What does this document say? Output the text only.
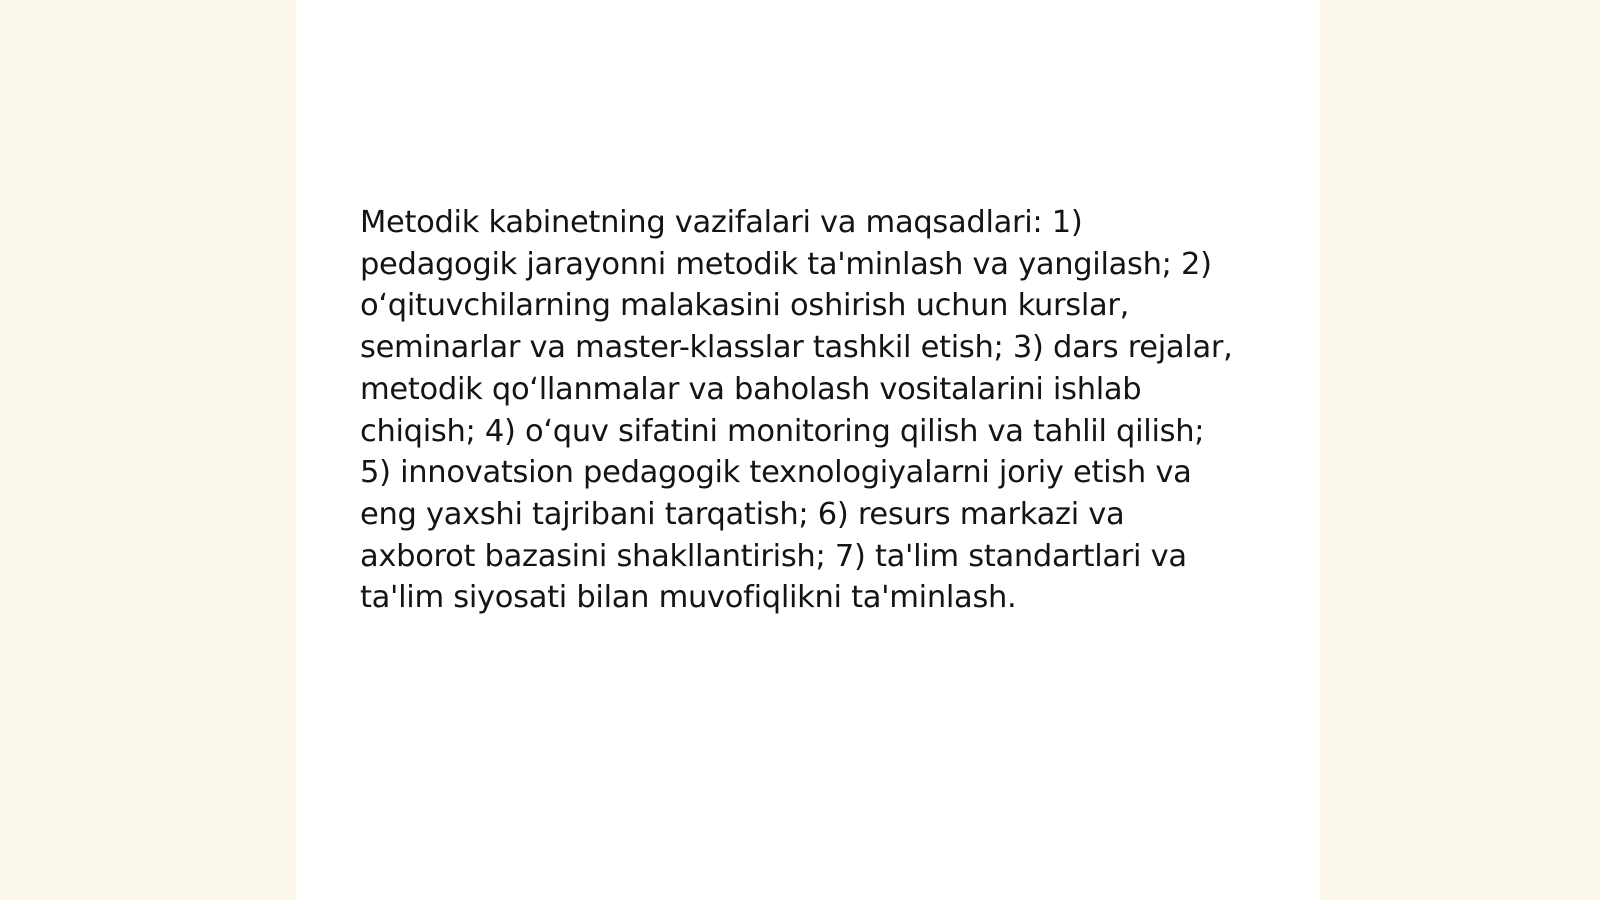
Metodik kabinetning vazifalari va maqsadlari: 1) pedagogik jarayonni metodik ta'minlash va yangilash; 2) o‘qituvchilarning malakasini oshirish uchun kurslar, seminarlar va master-klasslar tashkil etish; 3) dars rejalar, metodik qo‘llanmalar va baholash vositalarini ishlab chiqish; 4) o‘quv sifatini monitoring qilish va tahlil qilish; 5) innovatsion pedagogik texnologiyalarni joriy etish va eng yaxshi tajribani tarqatish; 6) resurs markazi va axborot bazasini shakllantirish; 7) ta'lim standartlari va ta'lim siyosati bilan muvofiqlikni ta'minlash.
